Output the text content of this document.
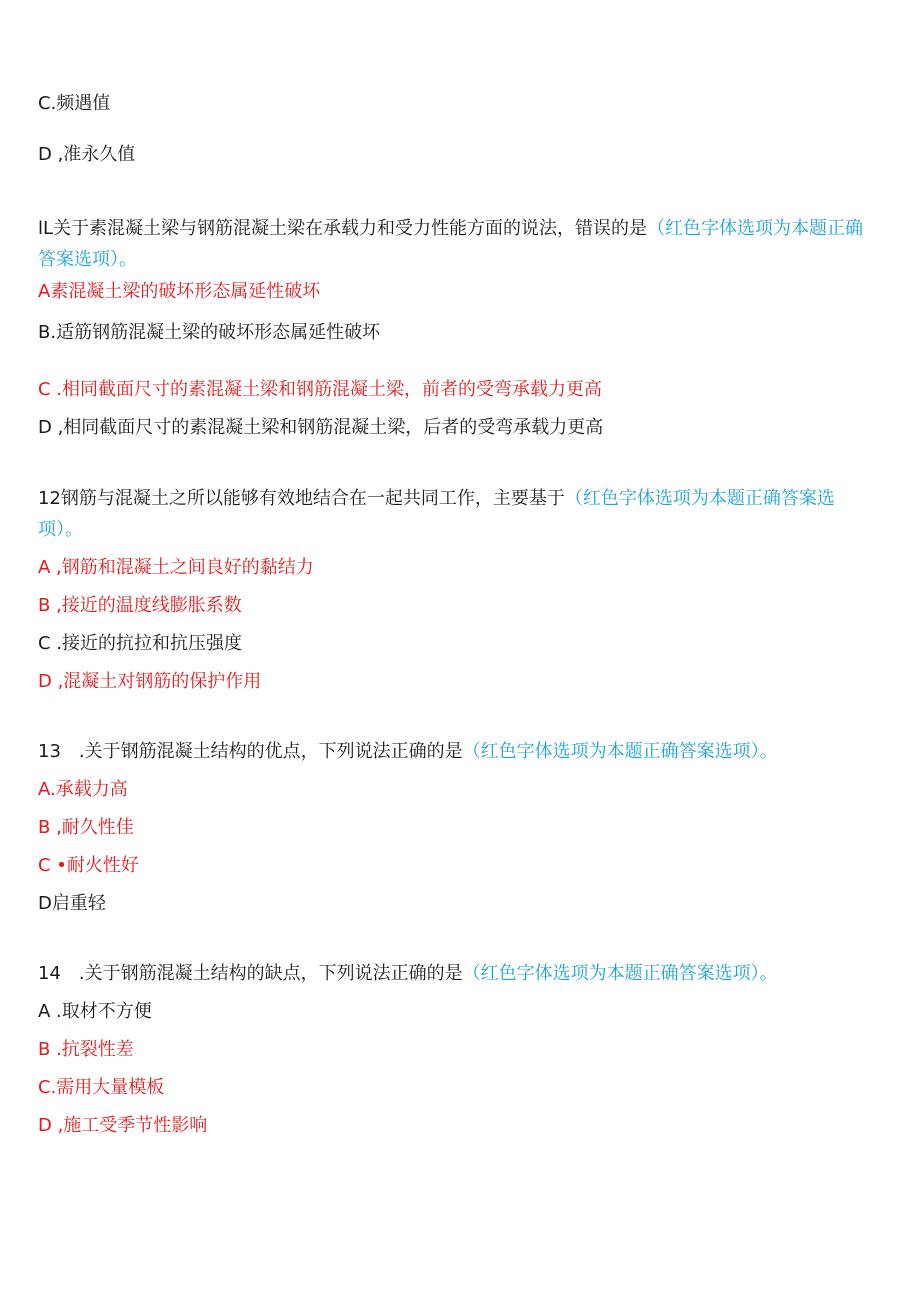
C.频遇值
D ,准永久值
lL关于素混凝土梁与钢筋混凝土梁在承载力和受力性能方面的说法，错误的是（红色字体选项为本题正确答案选项）。
A素混凝土梁的破坏形态属延性破坏
B.适筋钢筋混凝土梁的破坏形态属延性破坏
C .相同截面尺寸的素混凝土梁和钢筋混凝土梁，前者的受弯承载力更高
D ,相同截面尺寸的素混凝土梁和钢筋混凝土梁，后者的受弯承载力更高
12钢筋与混凝土之所以能够有效地结合在一起共同工作，主要基于（红色字体选项为本题正确答案选项）。
A ,钢筋和混凝土之间良好的黏结力
B ,接近的温度线膨胀系数
C .接近的抗拉和抗压强度
D ,混凝土对钢筋的保护作用
13　.关于钢筋混凝土结构的优点，下列说法正确的是（红色字体选项为本题正确答案选项）。
A.承载力高
B ,耐久性佳
C •耐火性好
D启重轻
14　.关于钢筋混凝土结构的缺点，下列说法正确的是（红色字体选项为本题正确答案选项）。
A .取材不方便
B .抗裂性差
C.需用大量模板
D ,施工受季节性影响
